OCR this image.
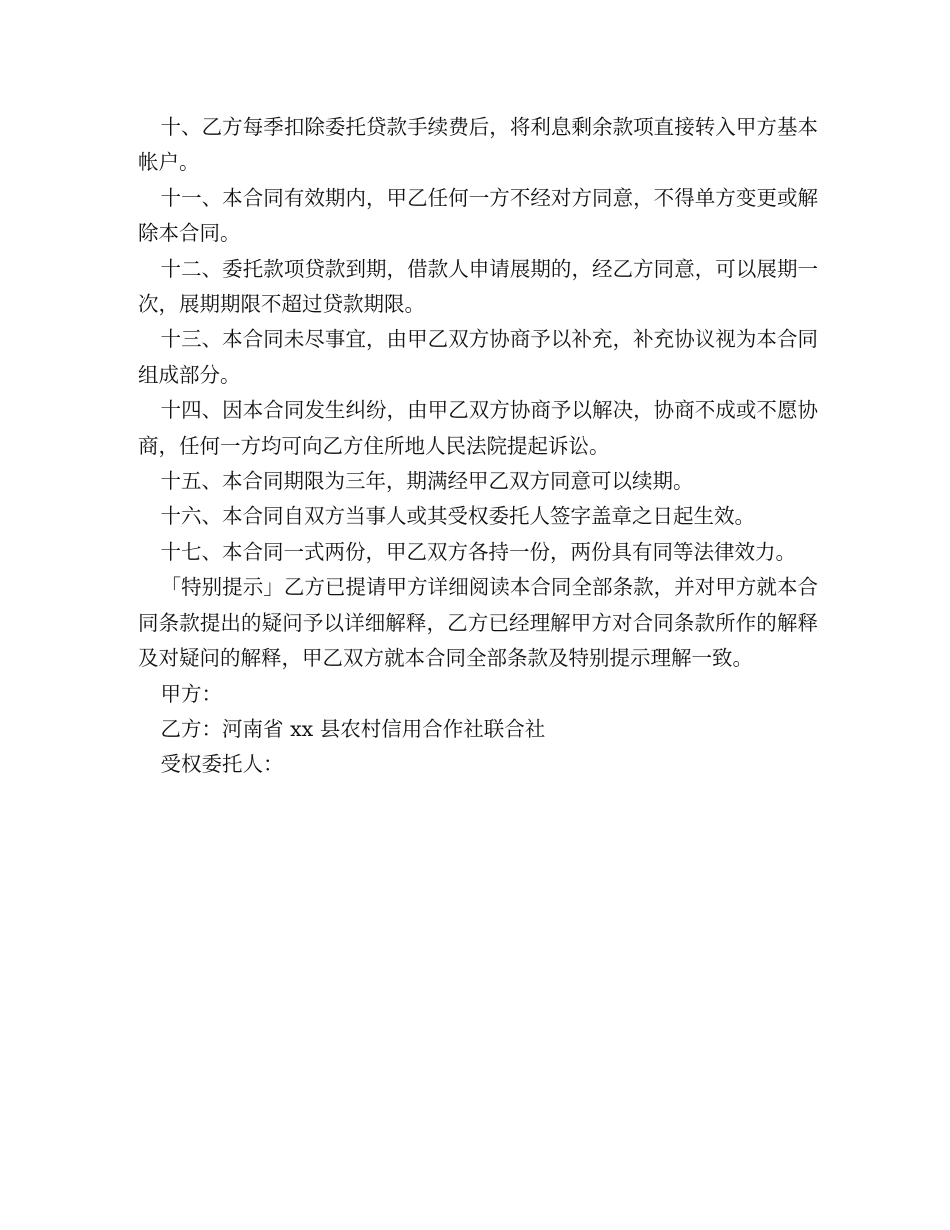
十、乙方每季扣除委托贷款手续费后，将利息剩余款项直接转入甲方基本帐户。

十一、本合同有效期内，甲乙任何一方不经对方同意，不得单方变更或解除本合同。

十二、委托款项贷款到期，借款人申请展期的，经乙方同意，可以展期一次，展期期限不超过贷款期限。

十三、本合同未尽事宜，由甲乙双方协商予以补充，补充协议视为本合同组成部分。

十四、因本合同发生纠纷，由甲乙双方协商予以解决，协商不成或不愿协商，任何一方均可向乙方住所地人民法院提起诉讼。

十五、本合同期限为三年，期满经甲乙双方同意可以续期。

十六、本合同自双方当事人或其受权委托人签字盖章之日起生效。

十七、本合同一式两份，甲乙双方各持一份，两份具有同等法律效力。

「特别提示」乙方已提请甲方详细阅读本合同全部条款，并对甲方就本合同条款提出的疑问予以详细解释，乙方已经理解甲方对合同条款所作的解释及对疑问的解释，甲乙双方就本合同全部条款及特别提示理解一致。

甲方：

乙方：河南省 xx 县农村信用合作社联合社

受权委托人：
